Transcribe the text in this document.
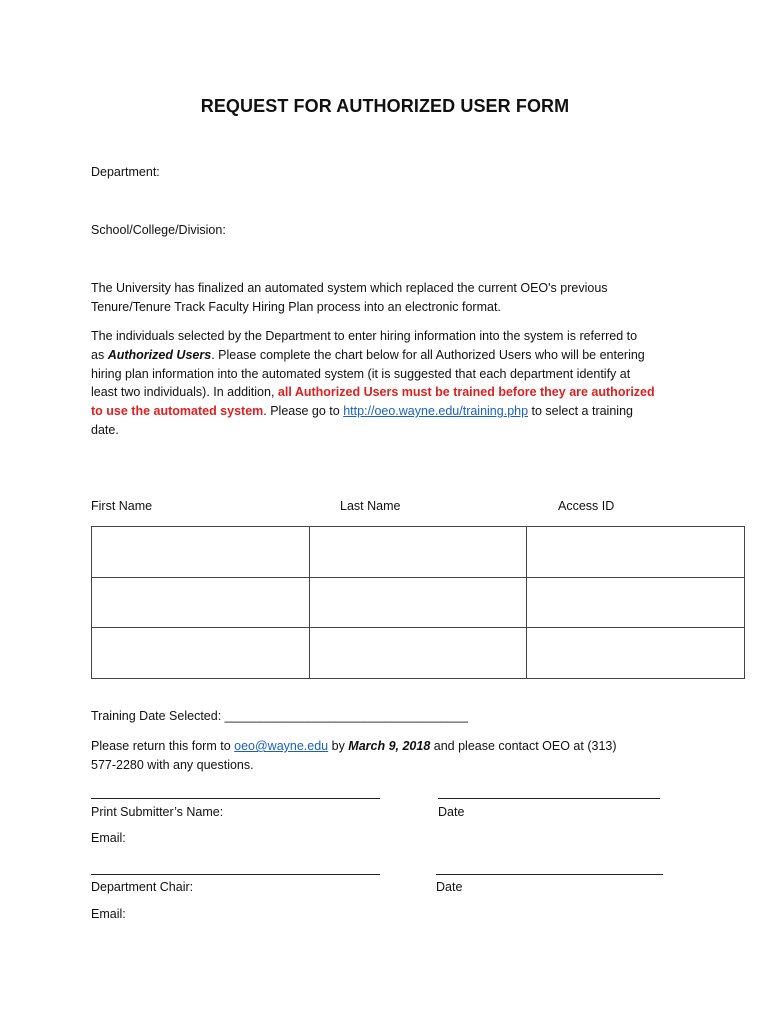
REQUEST FOR AUTHORIZED USER FORM
Department:
School/College/Division:

The University has finalized an automated system which replaced the current OEO's previous

Tenure/Tenure Track Faculty Hiring Plan process into an electronic format.

The individuals selected by the Department to enter hiring information into the system is referred to

as Authorized Users. Please complete the chart below for all Authorized Users who will be entering

hiring plan information into the automated system (it is suggested that each department identify at

least two individuals). In addition, all Authorized Users must be trained before they are authorized

to use the automated system. Please go to http://oeo.wayne.edu/training.php to select a training

date.

First Name	Last Name	Access ID

Training Date Selected: ___________________________________

Please return this form to oeo@wayne.edu by March 9, 2018 and please contact OEO at (313)

577-2280 with any questions.

Print Submitter’s Name:	Date
Email:
Department Chair:	Date
Email:
